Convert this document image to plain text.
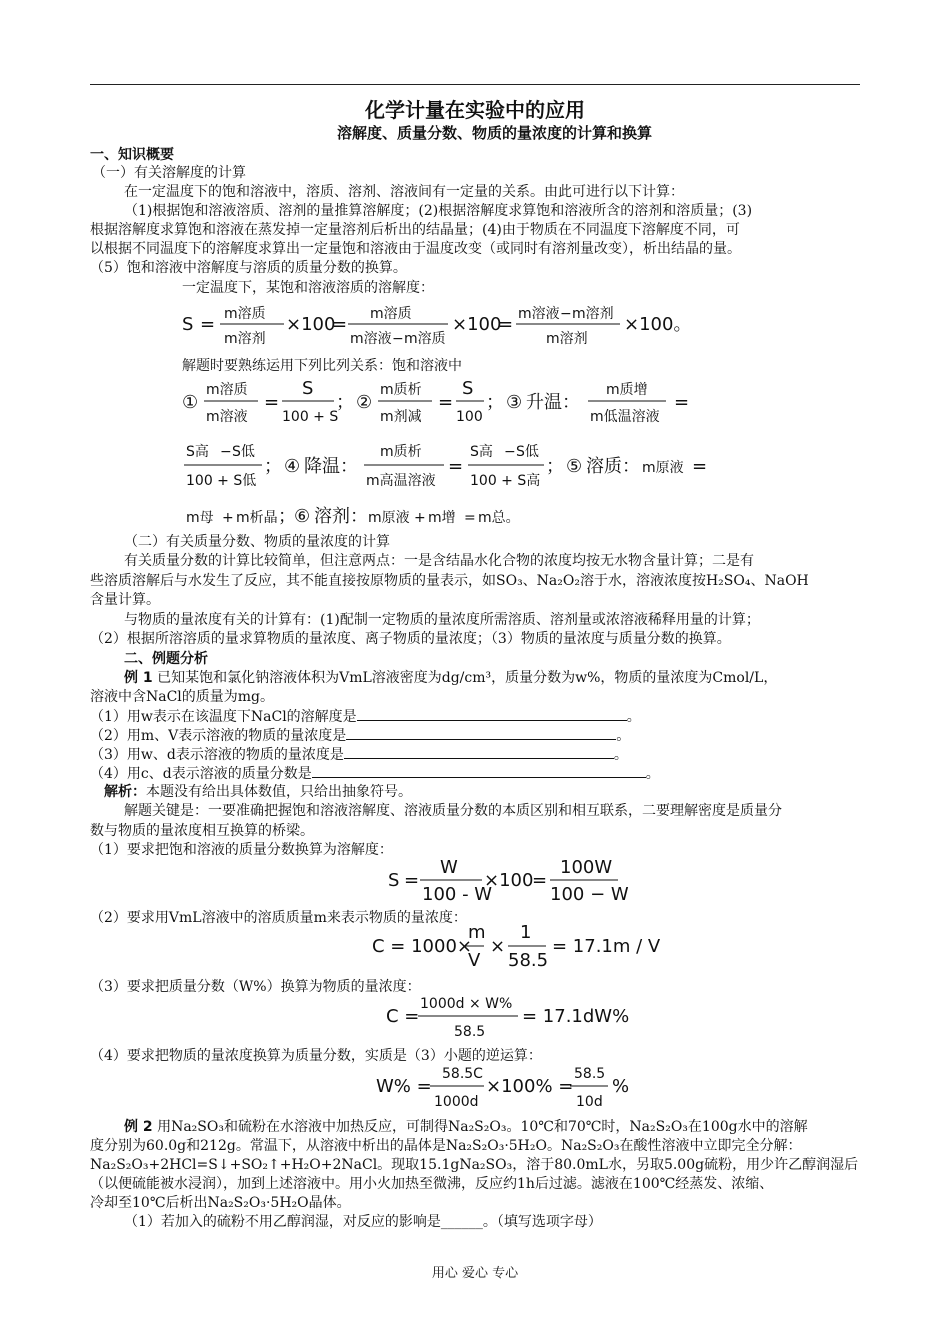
化学计量在实验中的应用
溶解度、质量分数、物质的量浓度的计算和换算
一、知识概要
（一）有关溶解度的计算
在一定温度下的饱和溶液中，溶质、溶剂、溶液间有一定量的关系。由此可进行以下计算：
（1)根据饱和溶液溶质、溶剂的量推算溶解度；(2)根据溶解度求算饱和溶液所含的溶剂和溶质量；(3)
根据溶解度求算饱和溶液在蒸发掉一定量溶剂后析出的结晶量；(4)由于物质在不同温度下溶解度不同，可
以根据不同温度下的溶解度求算出一定量饱和溶液由于温度改变（或同时有溶剂量改变），析出结晶的量。
（5）饱和溶液中溶解度与溶质的质量分数的换算。
一定温度下，某饱和溶液溶质的溶解度：
S = m溶质
m溶剂
×100
= m溶质
m溶液 − m溶质
×100
= m溶液 − m溶剂
m溶剂
×100。
解题时要熟练运用下列比列关系：饱和溶液中
①
m溶质
m溶液
=
S
100 + S
； ②
m质析
m剂减
=
S
100
； ③ 升温：
m质增
m低温溶液
=
S高 − S低
100 + S低
； ④ 降温：
m质析
m高温溶液
=
S高 − S低
100 + S高
； ⑤ 溶质： m原液 =
m母 + m析晶 ；
⑥ 溶剂： m原液 + m增 = m总。
（二）有关质量分数、物质的量浓度的计算
有关质量分数的计算比较简单，但注意两点：一是含结晶水化合物的浓度均按无水物含量计算；二是有
些溶质溶解后与水发生了反应，其不能直接按原物质的量表示，如SO₃、Na₂O₂溶于水，溶液浓度按H₂SO₄、NaOH
含量计算。
与物质的量浓度有关的计算有：(1)配制一定物质的量浓度所需溶质、溶剂量或浓溶液稀释用量的计算；
（2）根据所溶溶质的量求算物质的量浓度、离子物质的量浓度；（3）物质的量浓度与质量分数的换算。
二、例题分析
例 1 已知某饱和氯化钠溶液体积为VmL溶液密度为dg/cm³，质量分数为w%，物质的量浓度为Cmol/L，
溶液中含NaCl的质量为mg。
（1）用w表示在该温度下NaCl的溶解度是	。
（2）用m、V表示溶液的物质的量浓度是	。
（3）用w、d表示溶液的物质的量浓度是	。
（4）用c、d表示溶液的质量分数是	。
解析：本题没有给出具体数值，只给出抽象符号。
解题关键是：一要准确把握饱和溶液溶解度、溶液质量分数的本质区别和相互联系，二要理解密度是质量分
数与物质的量浓度相互换算的桥梁。
（1）要求把饱和溶液的质量分数换算为溶解度：
S =
W
100 - W
×100
=
100W
100 − W
（2）要求用VmL溶液中的溶质质量m来表示物质的量浓度：
C = 1000×
m
V
×
1
58.5
= 17.1m / V
（3）要求把质量分数（W%）换算为物质的量浓度：
C =
1000d × W%
58.5
= 17.1dW%
（4）要求把物质的量浓度换算为质量分数，实质是（3）小题的逆运算：
W% =
58.5C
1000d
×100% =
58.5
10d
%
例 2 用Na₂SO₃和硫粉在水溶液中加热反应，可制得Na₂S₂O₃。10℃和70℃时，Na₂S₂O₃在100g水中的溶解
度分别为60.0g和212g。常温下，从溶液中析出的晶体是Na₂S₂O₃·5H₂O。Na₂S₂O₃在酸性溶液中立即完全分解：
Na₂S₂O₃+2HCl=S↓+SO₂↑+H₂O+2NaCl。现取15.1gNa₂SO₃，溶于80.0mL水，另取5.00g硫粉，用少许乙醇润湿后
（以便硫能被水浸润），加到上述溶液中。用小火加热至微沸，反应约1h后过滤。滤液在100℃经蒸发、浓缩、
冷却至10℃后析出Na₂S₂O₃·5H₂O晶体。
（1）若加入的硫粉不用乙醇润湿，对反应的影响是______。（填写选项字母）
用心 爱心 专心
